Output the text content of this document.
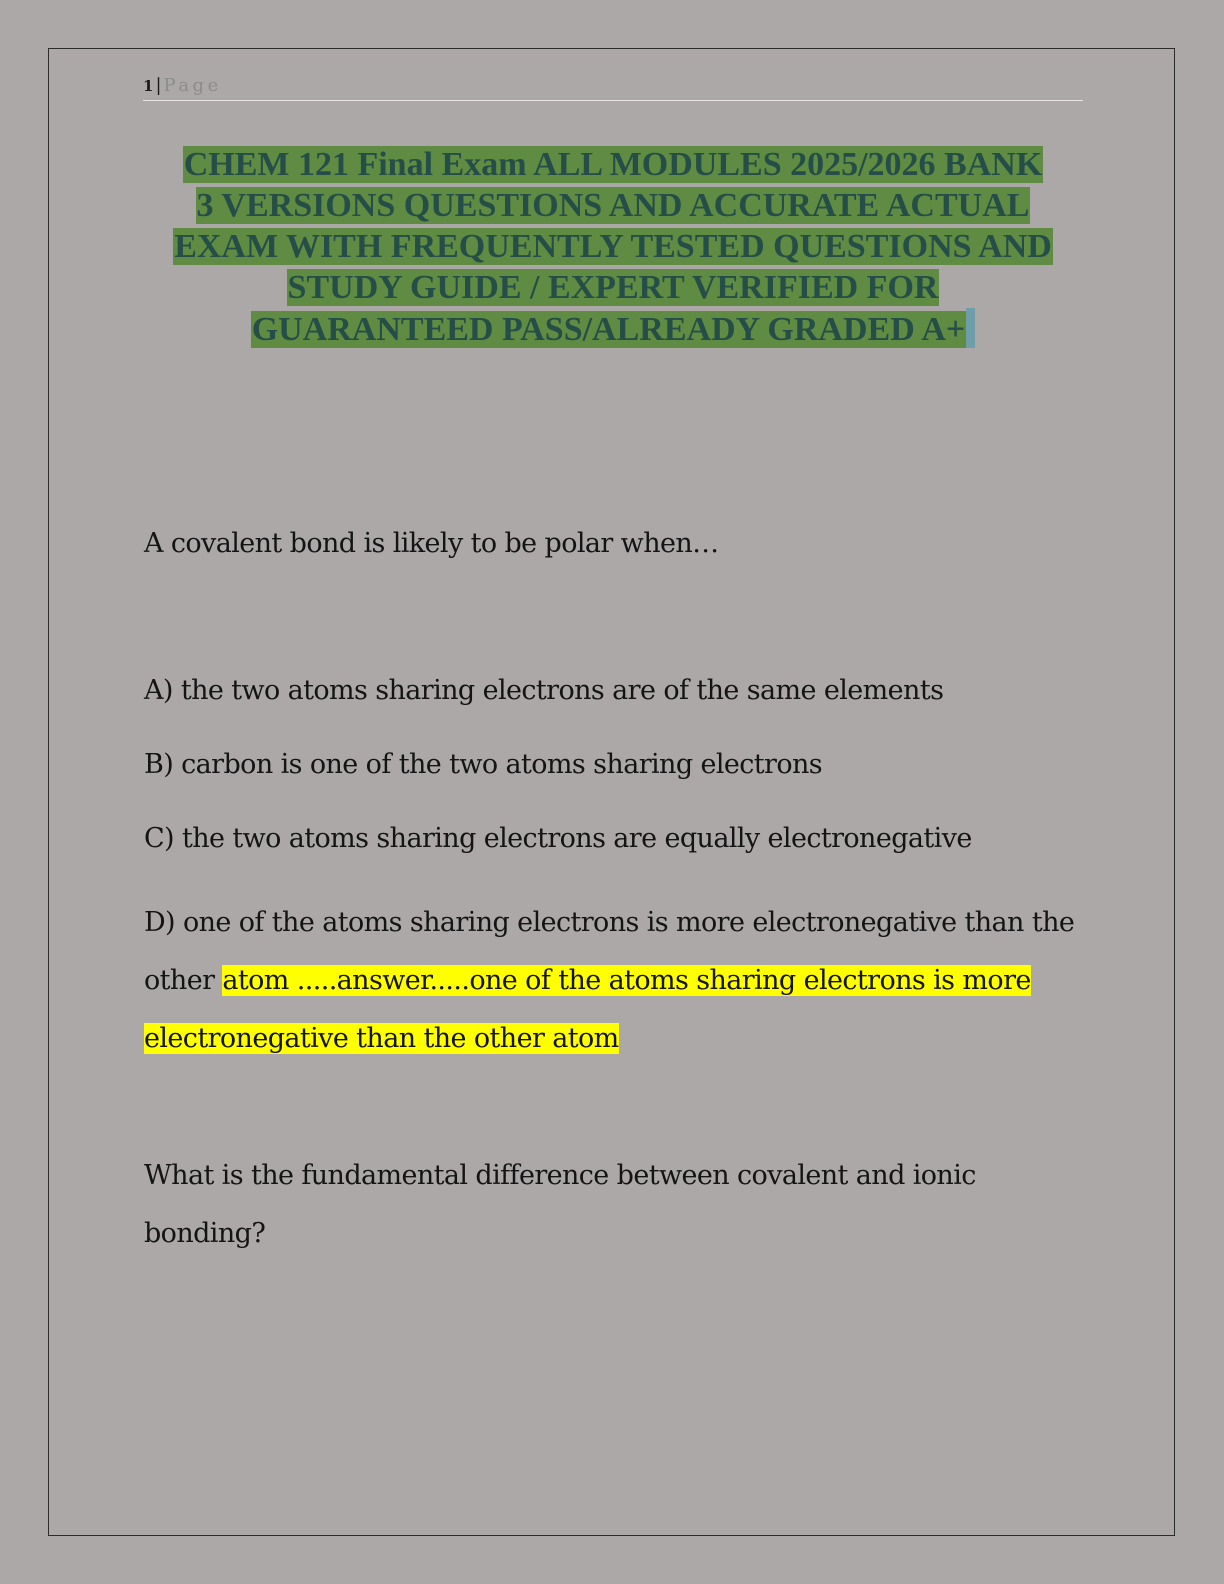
1 | Page
CHEM 121 Final Exam ALL MODULES 2025/2026 BANK
3 VERSIONS QUESTIONS AND ACCURATE ACTUAL
EXAM WITH FREQUENTLY TESTED QUESTIONS AND
STUDY GUIDE / EXPERT VERIFIED FOR
GUARANTEED PASS/ALREADY GRADED A+
A covalent bond is likely to be polar when…
A) the two atoms sharing electrons are of the same elements
B) carbon is one of the two atoms sharing electrons
C) the two atoms sharing electrons are equally electronegative
D) one of the atoms sharing electrons is more electronegative than the other atom .....answer.....one of the atoms sharing electrons is more electronegative than the other atom
What is the fundamental difference between covalent and ionic bonding?
